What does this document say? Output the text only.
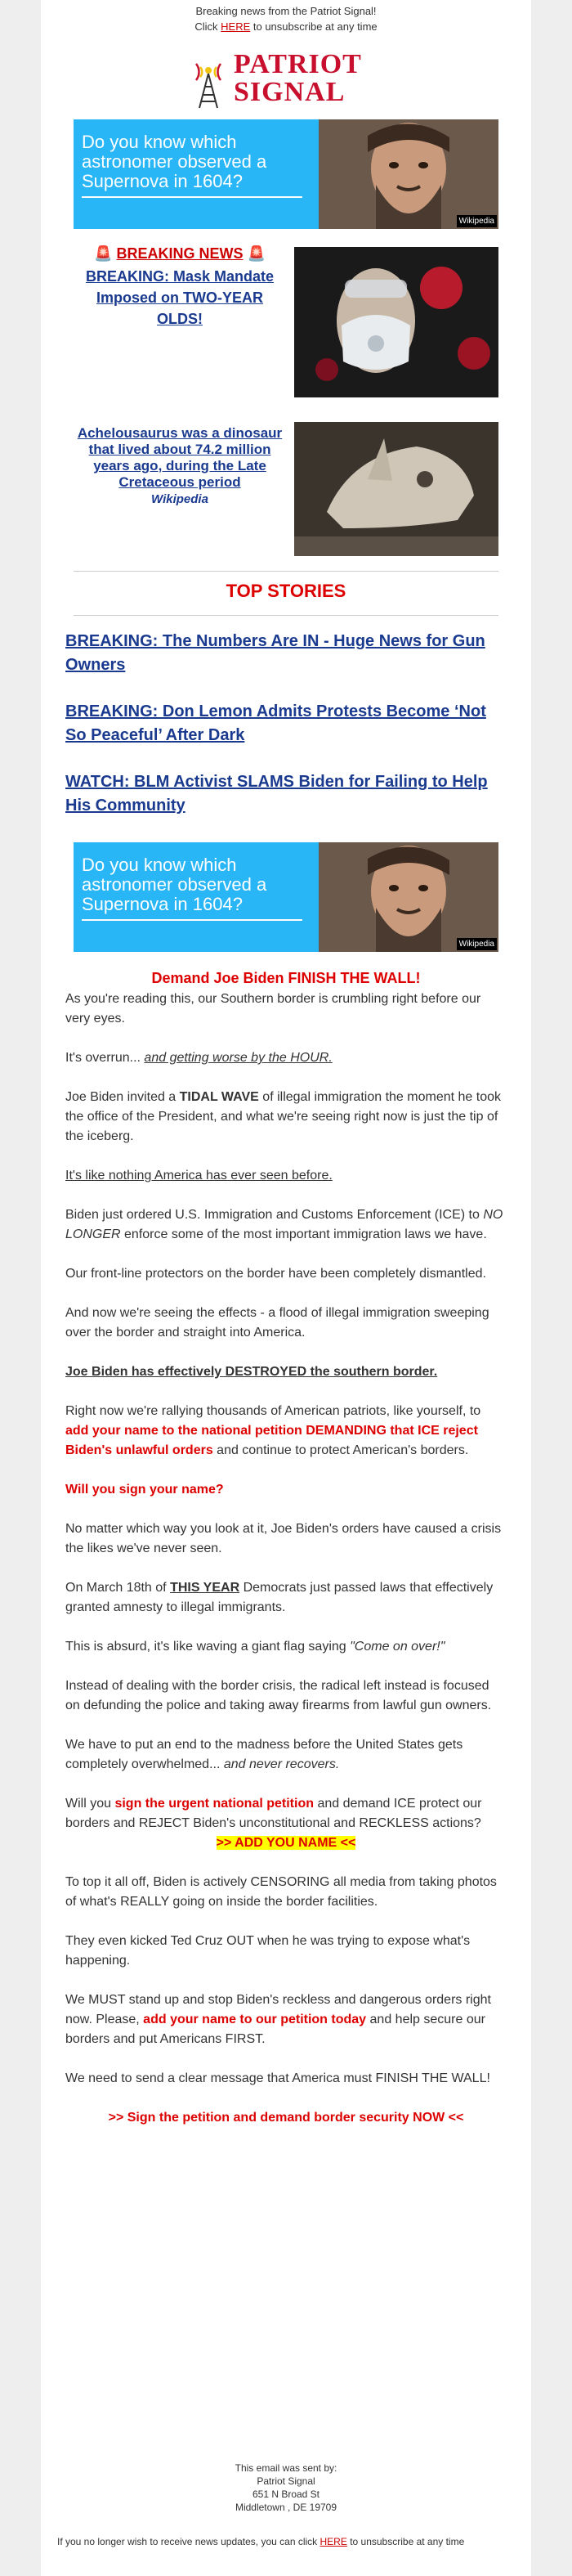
Breaking news from the Patriot Signal!
Click HERE to unsubscribe at any time
PATRIOT
SIGNAL
Do you know which astronomer observed a Supernova in 1604?
Wikipedia
🚨 BREAKING NEWS 🚨
BREAKING: Mask Mandate Imposed on TWO-YEAR OLDS!
Achelousaurus was a dinosaur that lived about 74.2 million years ago, during the Late Cretaceous period
Wikipedia
TOP STORIES
BREAKING: The Numbers Are IN - Huge News for Gun Owners
BREAKING: Don Lemon Admits Protests Become ‘Not So Peaceful’ After Dark
WATCH: BLM Activist SLAMS Biden for Failing to Help His Community
Do you know which astronomer observed a Supernova in 1604?
Wikipedia
Demand Joe Biden FINISH THE WALL!

As you're reading this, our Southern border is crumbling right before our very eyes.

It's overrun... and getting worse by the HOUR.

Joe Biden invited a TIDAL WAVE of illegal immigration the moment he took the office of the President, and what we're seeing right now is just the tip of the iceberg.

It's like nothing America has ever seen before.

Biden just ordered U.S. Immigration and Customs Enforcement (ICE) to NO LONGER enforce some of the most important immigration laws we have.

Our front-line protectors on the border have been completely dismantled.

And now we're seeing the effects - a flood of illegal immigration sweeping over the border and straight into America.

Joe Biden has effectively DESTROYED the southern border.

Right now we're rallying thousands of American patriots, like yourself, to add your name to the national petition DEMANDING that ICE reject Biden's unlawful orders and continue to protect American's borders.

Will you sign your name?

No matter which way you look at it, Joe Biden's orders have caused a crisis the likes we've never seen.

On March 18th of THIS YEAR Democrats just passed laws that effectively granted amnesty to illegal immigrants.

This is absurd, it's like waving a giant flag saying "Come on over!"

Instead of dealing with the border crisis, the radical left instead is focused on defunding the police and taking away firearms from lawful gun owners.

We have to put an end to the madness before the United States gets completely overwhelmed... and never recovers.

Will you sign the urgent national petition and demand ICE protect our borders and REJECT Biden's unconstitutional and RECKLESS actions?

>> ADD YOU NAME <<

To top it all off, Biden is actively CENSORING all media from taking photos of what's REALLY going on inside the border facilities.

They even kicked Ted Cruz OUT when he was trying to expose what's happening.

We MUST stand up and stop Biden's reckless and dangerous orders right now. Please, add your name to our petition today and help secure our borders and put Americans FIRST.

We need to send a clear message that America must FINISH THE WALL!

>> Sign the petition and demand border security NOW <<

This email was sent by:
Patriot Signal
651 N Broad St
Middletown , DE 19709
If you no longer wish to receive news updates, you can click HERE to unsubscribe at any time
